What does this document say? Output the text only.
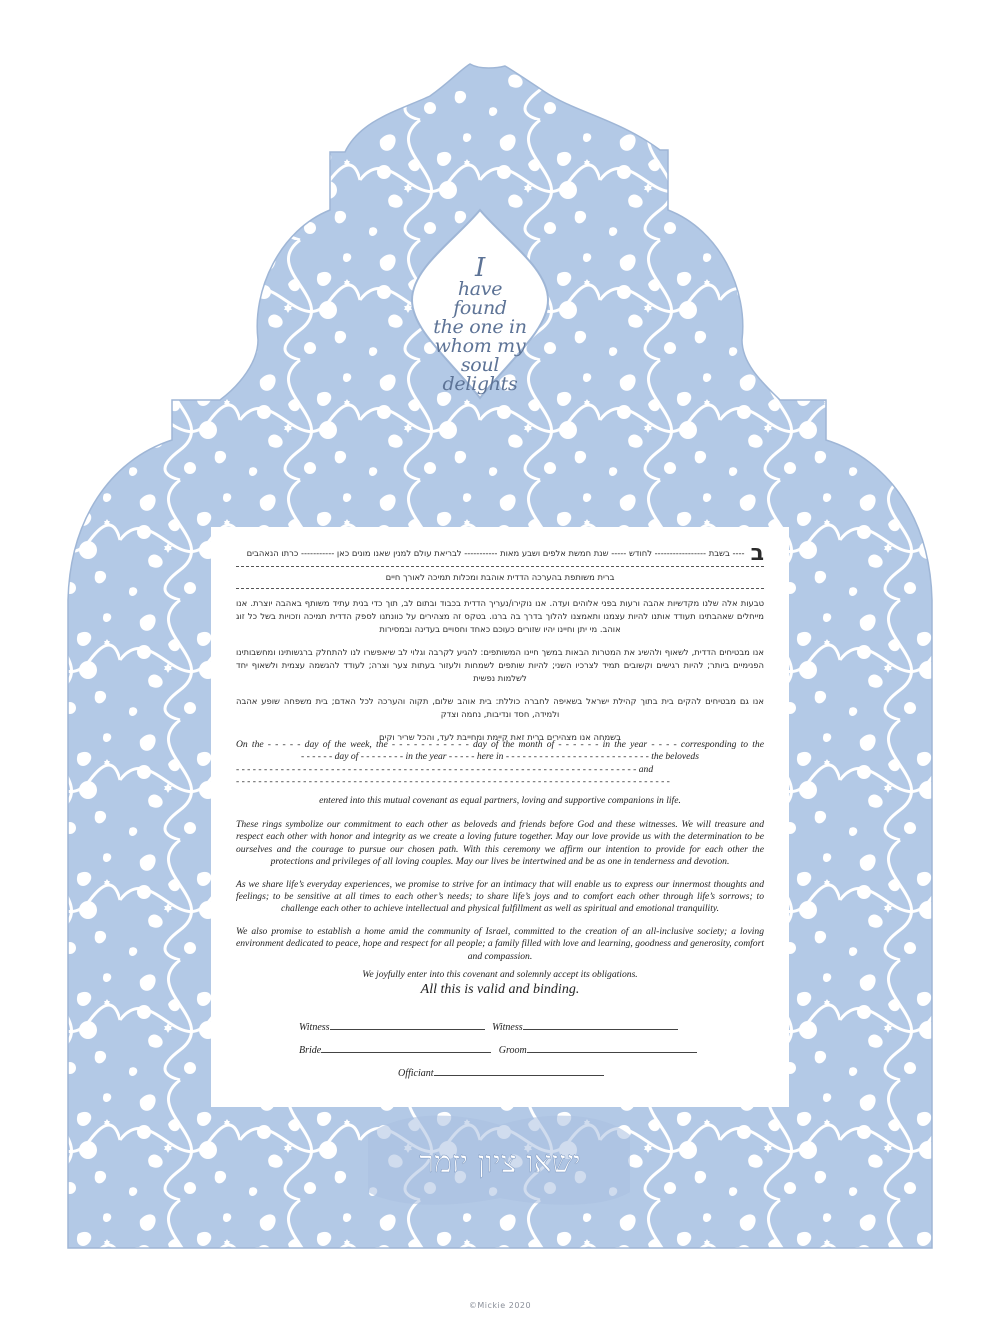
ישאו ציון יזמר
I
have
found
the one in
whom my
soul
delights
ב
---- בשבת ----------------- לחודש ----- שנת חמשת אלפים ושבע מאות ----------- לבריאת עולם למנין שאנו מונים כאן ----------- כרתו הנאהבים

ברית משותפת בהערכה הדדית אוהבת ומכלות תמיכה לאורך חיים

טבעות אלה שלנו מקדשיות אהבה ורעות בפני אלוהים ועדה. אנו נוקירו/נעריך הדדית בכבוד ובתום לב, תוך כדי בנית עתיד משותף באהבה יוצרת. אנו מייחלים שאהבתינו תעודד אותנו להיות עצמנו ותאמצנו להלוך בדרך בה ברנו. בטקס זה מצהירים על כוונתנו לספק הדדית תמיכה וזכויות בשל כל זוג אוהב. מי יתן וחיינו יהיו שזורים כעוכם כאחד וחסויים בעדינה ובמסירות

אנו מבטיחים הדדית, לשאוף ולהשיג את המטרות הבאות במשך חיינו המשותפים: להגיע לקרבה וגלוי לב שיאפשרו לנו להתחלק ברגשותינו ומחשבותינו הפנימיים ביותר; להיות רגישים וקשובים תמיד לצרכיו השני; להיות שותפים לשמחות ולעזור בעתות צער וצרה; לעודד להגשמה עצמית ולשאוף יחד לשלמות נפשית

אנו גם מבטיחים להקים בית בתוך קהילת ישראל בשאיפה לחברה כוללת: בית אוהב שלום, תקוה והערכה לכל האדם; בית משפחה שופע אהבה ולמידה, חסד ונדיבות, נחמה וצדק

בשמחה אנו מצהירים ברית זאת קיימת ומחייבת לעד, והכל שריר וקים

On the - - - - - day of the week, the - - - - - - - - - - - day of the month of - - - - - - in the year - - - - corresponding to the
- - - - - - day of - - - - - - - - in the year - - - - - here in - - - - - - - - - - - - - - - - - - - - - - - - - - the beloveds
- - - - - - - - - - - - - - - - - - - - - - - - - - - - - - - - - - - - - - - - - - - - - - - - - - - - - - - - - - - - - - - - - - - - - - - - and
- - - - - - - - - - - - - - - - - - - - - - - - - - - - - - - - - - - - - - - - - - - - - - - - - - - - - - - - - - - - - - - - - - - - - - - - - - - - - -

entered into this mutual covenant as equal partners, loving and supportive companions in life.

These rings symbolize our commitment to each other as beloveds and friends before God and these witnesses. We will treasure and respect each other with honor and integrity as we create a loving future together. May our love provide us with the determination to be ourselves and the courage to pursue our chosen path. With this ceremony we affirm our intention to provide for each other the protections and privileges of all loving couples. May our lives be intertwined and be as one in tenderness and devotion.

As we share life’s everyday experiences, we promise to strive for an intimacy that will enable us to express our innermost thoughts and feelings; to be sensitive at all times to each other’s needs; to share life’s joys and to comfort each other through life’s sorrows; to challenge each other to achieve intellectual and physical fulfillment as well as spiritual and emotional tranquility.

We also promise to establish a home amid the community of Israel, committed to the creation of an all-inclusive society; a loving environment dedicated to peace, hope and respect for all people; a family filled with love and learning, goodness and generosity, comfort and compassion.

We joyfully enter into this covenant and solemnly accept its obligations.

All this is valid and binding.

Witness	Witness
Bride	Groom
Officiant
©Mickie 2020
